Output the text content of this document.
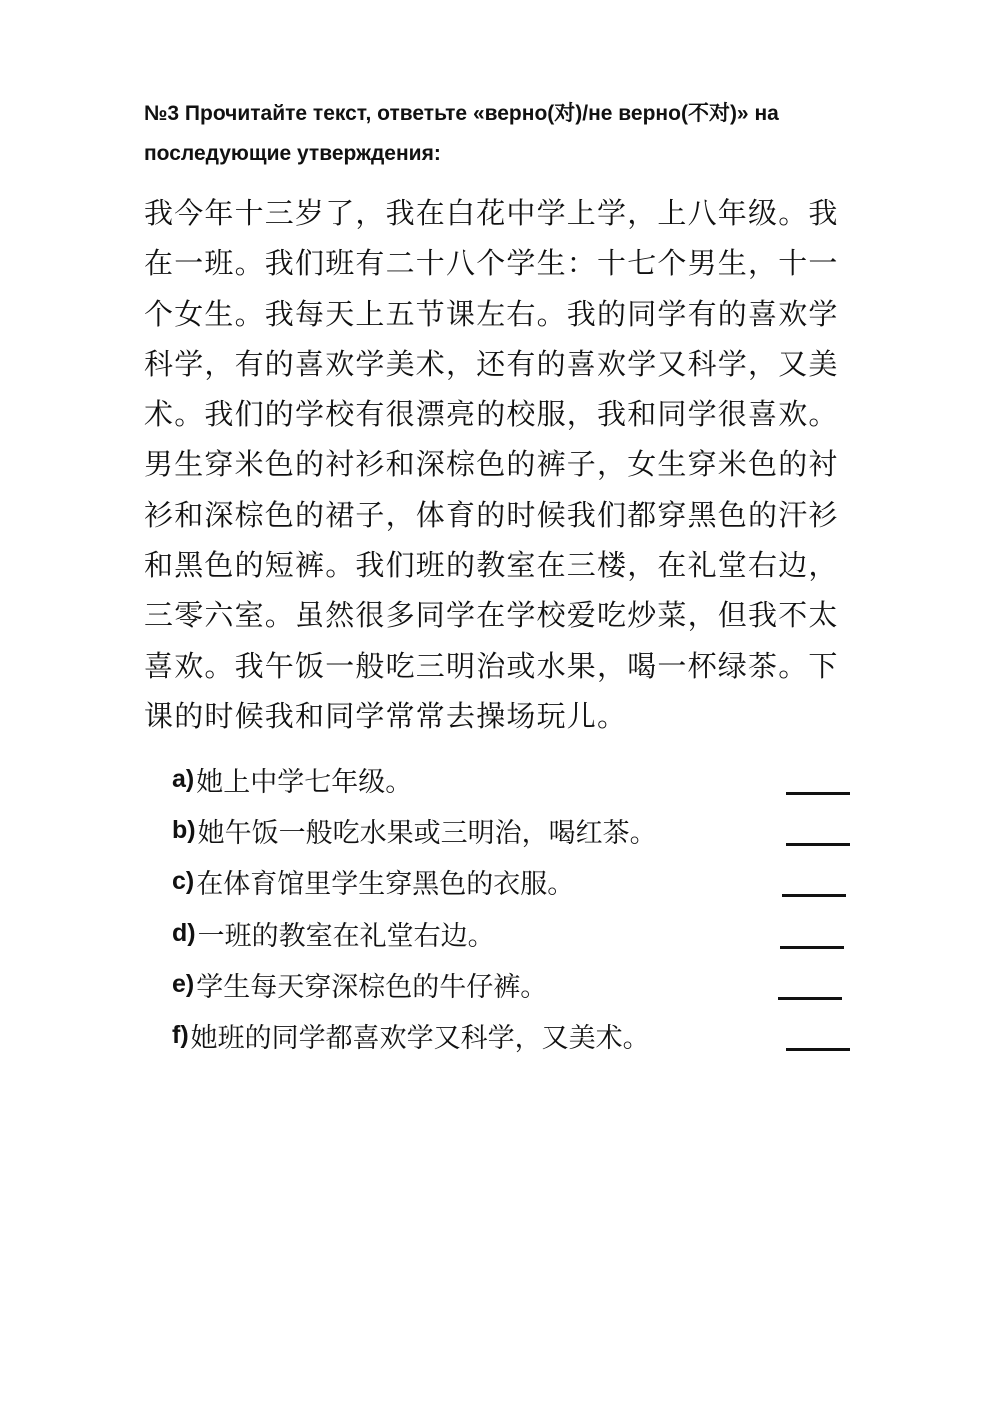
№3 Прочитайте текст, ответьте «верно(对)/не верно(不对)» на
последующие утверждения:
我今年十三岁了，我在白花中学上学，上八年级。我
在一班。我们班有二十八个学生：十七个男生，十一
个女生。我每天上五节课左右。我的同学有的喜欢学
科学，有的喜欢学美术，还有的喜欢学又科学，又美
术。我们的学校有很漂亮的校服，我和同学很喜欢。
男生穿米色的衬衫和深棕色的裤子，女生穿米色的衬
衫和深棕色的裙子，体育的时候我们都穿黑色的汗衫
和黑色的短裤。我们班的教室在三楼，在礼堂右边，
三零六室。虽然很多同学在学校爱吃炒菜，但我不太
喜欢。我午饭一般吃三明治或水果，喝一杯绿茶。下
课的时候我和同学常常去操场玩儿。
a) 她上中学七年级。
b) 她午饭一般吃水果或三明治，喝红茶。
c) 在体育馆里学生穿黑色的衣服。
d) 一班的教室在礼堂右边。
e) 学生每天穿深棕色的牛仔裤。
f) 她班的同学都喜欢学又科学，又美术。
